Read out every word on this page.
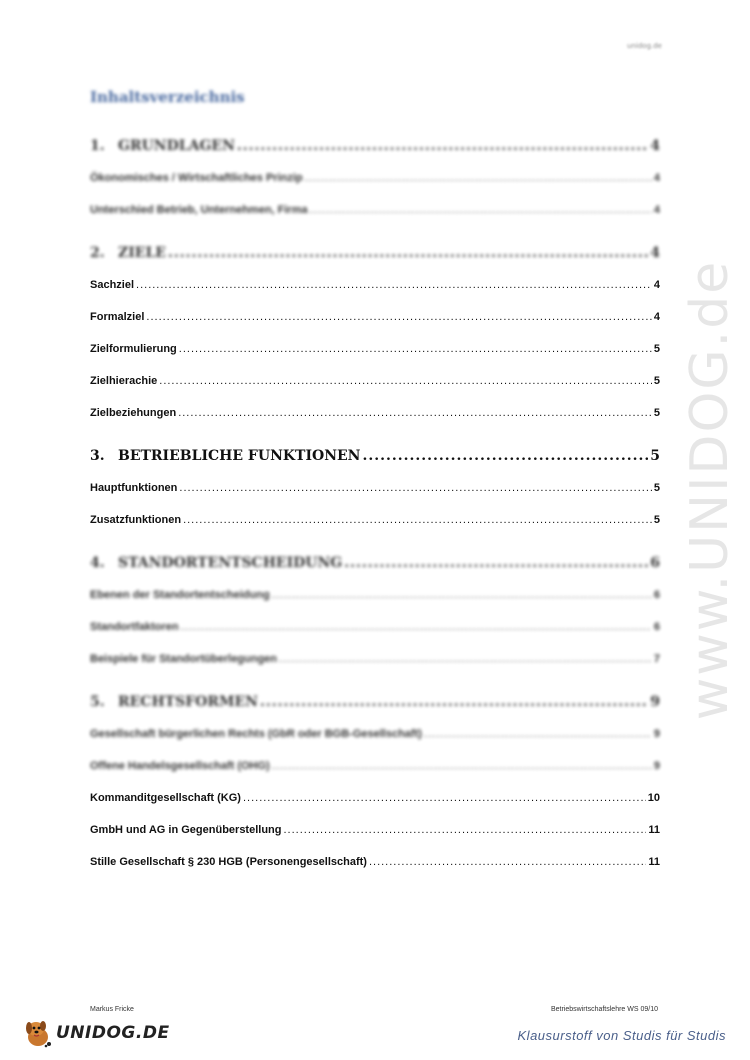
unidog.de
Inhaltsverzeichnis
1. GRUNDLAGEN .....	4
Ökonomisches / Wirtschaftliches Prinzip .....	4
Unterschied Betrieb, Unternehmen, Firma .....	4
2. ZIELE .....	4
Sachziel .....	4
Formalziel .....	4
Zielformulierung .....	5
Zielhierachie .....	5
Zielbeziehungen .....	5
3. BETRIEBLICHE FUNKTIONEN .....	5
Hauptfunktionen .....	5
Zusatzfunktionen .....	5
4. STANDORTENTSCHEIDUNG .....	6
Ebenen der Standortentscheidung .....	6
Standortfaktoren .....	6
Beispiele für Standortüberlegungen .....	7
5. RECHTSFORMEN .....	9
Gesellschaft bürgerlichen Rechts (GbR oder BGB-Gesellschaft) .....	9
Offene Handelsgesellschaft (OHG) .....	9
Kommanditgesellschaft (KG) .....	10
GmbH und AG in Gegenüberstellung .....	11
Stille Gesellschaft § 230 HGB (Personengesellschaft) .....	11
www.UNIDOG.de
Markus Fricke	Betriebswirtschaftslehre WS 09/10
UNIDOG.DE	Klausurstoff von Studis für Studis
